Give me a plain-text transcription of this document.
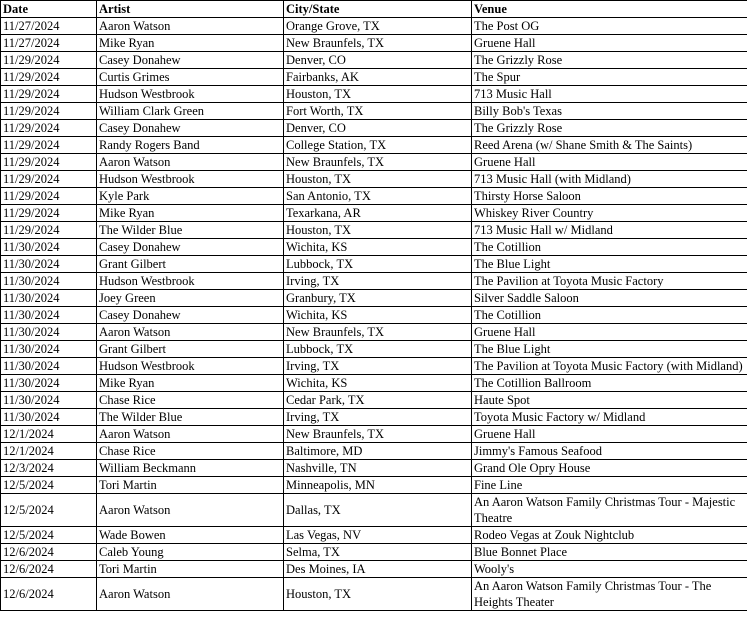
Date	Artist	City/State	Venue
11/27/2024	Aaron Watson	Orange Grove, TX	The Post OG
11/27/2024	Mike Ryan	New Braunfels, TX	Gruene Hall
11/29/2024	Casey Donahew	Denver, CO	The Grizzly Rose
11/29/2024	Curtis Grimes	Fairbanks, AK	The Spur
11/29/2024	Hudson Westbrook	Houston, TX	713 Music Hall
11/29/2024	William Clark Green	Fort Worth, TX	Billy Bob's Texas
11/29/2024	Casey Donahew	Denver, CO	The Grizzly Rose
11/29/2024	Randy Rogers Band	College Station, TX	Reed Arena (w/ Shane Smith & The Saints)
11/29/2024	Aaron Watson	New Braunfels, TX	Gruene Hall
11/29/2024	Hudson Westbrook	Houston, TX	713 Music Hall (with Midland)
11/29/2024	Kyle Park	San Antonio, TX	Thirsty Horse Saloon
11/29/2024	Mike Ryan	Texarkana, AR	Whiskey River Country
11/29/2024	The Wilder Blue	Houston, TX	713 Music Hall w/ Midland
11/30/2024	Casey Donahew	Wichita, KS	The Cotillion
11/30/2024	Grant Gilbert	Lubbock, TX	The Blue Light
11/30/2024	Hudson Westbrook	Irving, TX	The Pavilion at Toyota Music Factory
11/30/2024	Joey Green	Granbury, TX	Silver Saddle Saloon
11/30/2024	Casey Donahew	Wichita, KS	The Cotillion
11/30/2024	Aaron Watson	New Braunfels, TX	Gruene Hall
11/30/2024	Grant Gilbert	Lubbock, TX	The Blue Light
11/30/2024	Hudson Westbrook	Irving, TX	The Pavilion at Toyota Music Factory (with Midland)
11/30/2024	Mike Ryan	Wichita, KS	The Cotillion Ballroom
11/30/2024	Chase Rice	Cedar Park, TX	Haute Spot
11/30/2024	The Wilder Blue	Irving, TX	Toyota Music Factory w/ Midland
12/1/2024	Aaron Watson	New Braunfels, TX	Gruene Hall
12/1/2024	Chase Rice	Baltimore, MD	Jimmy's Famous Seafood
12/3/2024	William Beckmann	Nashville, TN	Grand Ole Opry House
12/5/2024	Tori Martin	Minneapolis, MN	Fine Line
12/5/2024	Aaron Watson	Dallas, TX	An Aaron Watson Family Christmas Tour - Majestic Theatre
12/5/2024	Wade Bowen	Las Vegas, NV	Rodeo Vegas at Zouk Nightclub
12/6/2024	Caleb Young	Selma, TX	Blue Bonnet Place
12/6/2024	Tori Martin	Des Moines, IA	Wooly's
12/6/2024	Aaron Watson	Houston, TX	An Aaron Watson Family Christmas Tour - The Heights Theater
